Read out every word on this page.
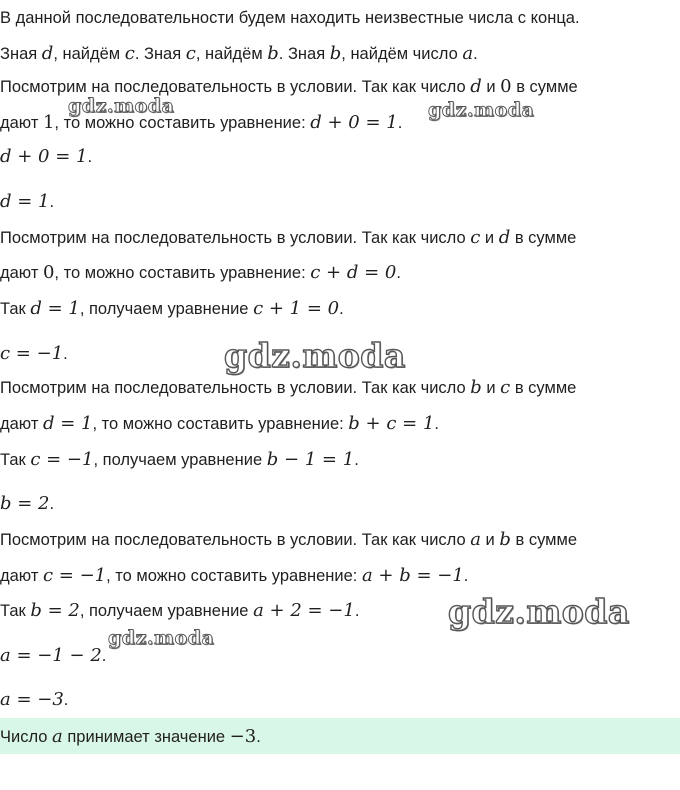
В данной последовательности будем находить неизвестные числа с конца.
Зная d, найдём c. Зная c, найдём b. Зная b, найдём число a.
Посмотрим на последовательность в условии. Так как число d и 0 в сумме
дают 1, то можно составить уравнение: d + 0 = 1.
d + 0 = 1.
d = 1.
Посмотрим на последовательность в условии. Так как число c и d в сумме
дают 0, то можно составить уравнение: c + d = 0.
Так d = 1, получаем уравнение c + 1 = 0.
c = −1.
Посмотрим на последовательность в условии. Так как число b и c в сумме
дают d = 1, то можно составить уравнение: b + c = 1.
Так c = −1, получаем уравнение b − 1 = 1.
b = 2.
Посмотрим на последовательность в условии. Так как число a и b в сумме
дают c = −1, то можно составить уравнение: a + b = −1.
Так b = 2, получаем уравнение a + 2 = −1.
a = −1 − 2.
a = −3.
Число a принимает значение −3.
gdz.moda	gdz.moda
gdz.moda
gdz.moda
gdz.moda
